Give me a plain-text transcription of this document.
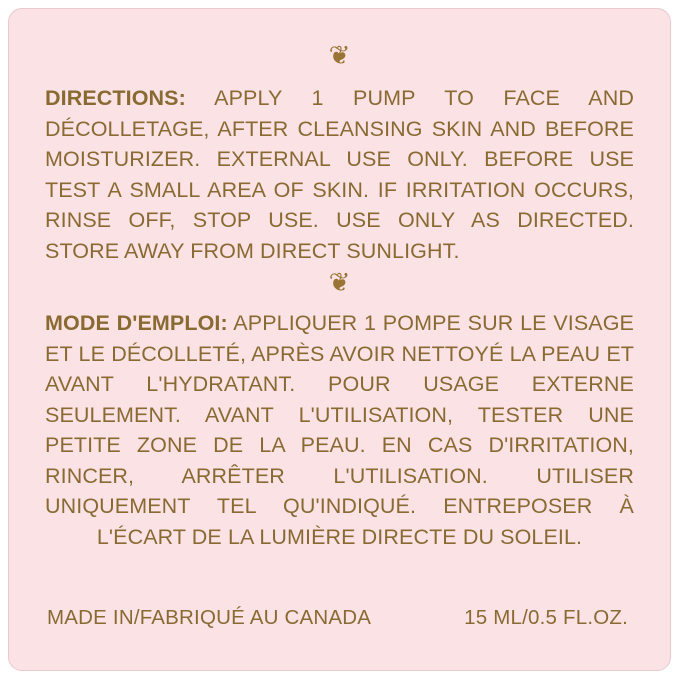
❦

DIRECTIONS: APPLY 1 PUMP TO FACE AND DÉCOLLETAGE, AFTER CLEANSING SKIN AND BEFORE MOISTURIZER. EXTERNAL USE ONLY. BEFORE USE TEST A SMALL AREA OF SKIN. IF IRRITATION OCCURS, RINSE OFF, STOP USE. USE ONLY AS DIRECTED. STORE AWAY FROM DIRECT SUNLIGHT.

❦

MODE D'EMPLOI: APPLIQUER 1 POMPE SUR LE VISAGE ET LE DÉCOLLETÉ, APRÈS AVOIR NETTOYÉ LA PEAU ET AVANT L'HYDRATANT. POUR USAGE EXTERNE SEULEMENT. AVANT L'UTILISATION, TESTER UNE PETITE ZONE DE LA PEAU. EN CAS D'IRRITATION, RINCER, ARRÊTER L'UTILISATION. UTILISER UNIQUEMENT TEL QU'INDIQUÉ. ENTREPOSER À L'ÉCART DE LA LUMIÈRE DIRECTE DU SOLEIL.

MADE IN/FABRIQUÉ AU CANADA	15 ML/0.5 FL.OZ.
